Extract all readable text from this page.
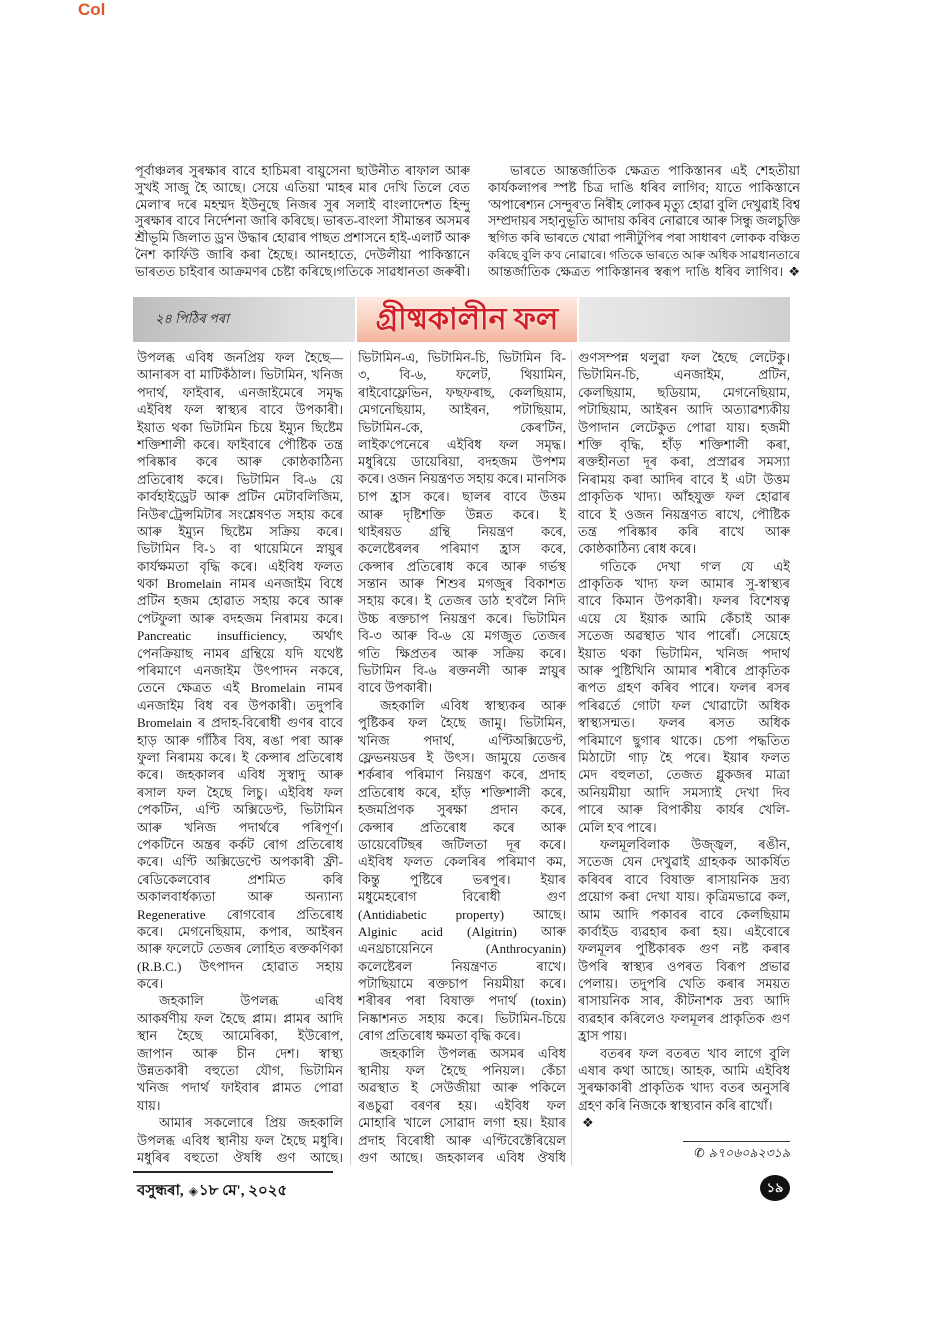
Col
পূৰ্বাঞ্চলৰ সুৰক্ষাৰ বাবে হাচিমৰা বায়ুসেনা ছাউনীত ৰাফাল আৰু
সুখই সাজু হৈ আছে। সেয়ে এতিয়া 'মাহৰ মাৰ দেখি তিলে বেত
মেলা'ৰ দৰে মহম্মদ ইউনুছে নিজৰ সুৰ সলাই বাংলাদেশত হিন্দু
সুৰক্ষাৰ বাবে নিৰ্দেশনা জাৰি কৰিছে। ভাৰত-বাংলা সীমান্তৰ অসমৰ
শ্ৰীভূমি জিলাত ড্ৰ'ন উদ্ধাৰ হোৱাৰ পাছত প্ৰশাসনে হাই-এলাৰ্ট আৰু
নৈশ কাৰ্ফিউ জাৰি কৰা হৈছে। আনহাতে, দেউলীয়া পাকিস্তানে
ভাৰতত চাইবাৰ আক্ৰমণৰ চেষ্টা কৰিছে।গতিকে সাৱধানতা জৰুৰী।
ভাৰতে আন্তৰ্জাতিক ক্ষেত্ৰত পাকিস্তানৰ এই শেহতীয়া
কাৰ্যকলাপৰ স্পষ্ট চিত্ৰ দাঙি ধৰিব লাগিব; যাতে পাকিস্তানে
'অপাৰেশ্যন সেন্দুৰ'ত নিৰীহ লোকৰ মৃত্যু হোৱা বুলি দেখুৱাই বিশ্ব
সম্প্ৰদায়ৰ সহানুভূতি আদায় কৰিব নোৱাৰে আৰু সিন্ধু জলচুক্তি
স্থগিত কৰি ভাৰতে খোৱা পানীটুপিৰ পৰা সাধাৰণ লোকক বঞ্চিত
কৰিছে বুলি ক'ব নোৱাৰে। গতিকে ভাৰতে আৰু অধিক সাৱধানতাৰে
আন্তৰ্জাতিক ক্ষেত্ৰত পাকিস্তানৰ স্বৰূপ দাঙি ধৰিব লাগিব। ❖
২৪ পিঠিৰ পৰা	গ্ৰীষ্মকালীন ফল
উপলব্ধ এবিধ জনপ্ৰিয় ফল হৈছে—
আনাৰস বা মাটিকঁঠাল। ভিটামিন, খনিজ
পদাৰ্থ, ফাইবাৰ, এনজাইমেৰে সমৃদ্ধ
এইবিধ ফল স্বাস্থ্যৰ বাবে উপকাৰী।
ইয়াত থকা ভিটামিন চিয়ে ইম্যুন ছিষ্টেম
শক্তিশালী কৰে। ফাইবাৰে পৌষ্টিক তন্ত্ৰ
পৰিষ্কাৰ কৰে আৰু কোষ্ঠকাঠিন্য
প্ৰতিৰোধ কৰে। ভিটামিন বি-৬ য়ে
কাৰ্বহাইড্ৰেট আৰু প্ৰটিন মেটাবলিজিম,
নিউৰ'ট্ৰেন্সমিটাৰ সংশ্লেষণত সহায় কৰে
আৰু ইম্যুন ছিষ্টেম সক্ৰিয় কৰে।
ভিটামিন বি-১ বা থায়েমিনে স্নায়ুৰ
কাৰ্যক্ষমতা বৃদ্ধি কৰে। এইবিধ ফলত
থকা Bromelain নামৰ এনজাইম বিধে
প্ৰটিন হজম হোৱাত সহায় কৰে আৰু
পেটফুলা আৰু বদহজম নিৰাময় কৰে।
Pancreatic insufficiency, অৰ্থাৎ
পেনক্ৰিয়াছ নামৰ গ্ৰন্থিয়ে যদি যথেষ্ট
পৰিমাণে এনজাইম উৎপাদন নকৰে,
তেনে ক্ষেত্ৰত এই Bromelain নামৰ
এনজাইম বিধ বৰ উপকাৰী। তদুপৰি
Bromelain ৰ প্ৰদাহ-বিৰোধী গুণৰ বাবে
হাড় আৰু গাঁঠিৰ বিষ, ৰঙা পৰা আৰু
ফুলা নিৰাময় কৰে। ই কেন্সাৰ প্ৰতিৰোধ
কৰে। জহকালৰ এবিধ সুস্বাদু আৰু
ৰসাল ফল হৈছে লিচু। এইবিধ ফল
পেকটিন, এণ্টি অক্সিডেণ্ট, ভিটামিন
আৰু খনিজ পদাৰ্থৰে পৰিপূৰ্ণ।
পেকটিনে অন্ত্ৰৰ কৰ্কট ৰোগ প্ৰতিৰোধ
কৰে। এণ্টি অক্সিডেণ্টে অপকাৰী ফ্ৰী-
ৰেডিকেলবোৰ প্ৰশমিত কৰি
অকালবাৰ্ধক্যতা আৰু অন্যান্য
Regenerative ৰোগবোৰ প্ৰতিৰোধ
কৰে। মেগনেছিয়াম, কপাৰ, আইৰন
আৰু ফলেটে তেজৰ লোহিত ৰক্তকণিকা
(R.B.C.) উৎপাদন হোৱাত সহায়
কৰে।
জহকালি উপলব্ধ এবিধ
আকৰ্ষণীয় ফল হৈছে প্লাম। প্লামৰ আদি
স্থান হৈছে আমেৰিকা, ইউৰোপ,
জাপান আৰু চীন দেশ। স্বাস্থ্য
উন্নতকাৰী বহুতো যৌগ, ভিটামিন
খনিজ পদাৰ্থ ফাইবাৰ প্লামত পোৱা
যায়।
আমাৰ সকলোৰে প্ৰিয় জহকালি
উপলব্ধ এবিধ স্থানীয় ফল হৈছে মধুৰি।
মধুৰিৰ বহুতো ঔষধি গুণ আছে।
ভিটামিন-এ, ভিটামিন-চি, ভিটামিন বি-
৩, বি-৬, ফলেট, থিয়ামিন,
ৰাইবোফ্লেভিন, ফছফৰাছ, কেলছিয়াম,
মেগনেছিয়াম, আইৰন, পটাছিয়াম,
ভিটামিন-কে, কেৰ'টিন,
লাইক'পেনেৰে এইবিধ ফল সমৃদ্ধ।
মধুৰিয়ে ডায়েৰিয়া, বদহজম উপশম
কৰে। ওজন নিয়ন্ত্ৰণত সহায় কৰে। মানসিক
চাপ হ্ৰাস কৰে। ছালৰ বাবে উত্তম
আৰু দৃষ্টিশক্তি উন্নত কৰে। ই
থাইৰয়ড গ্ৰন্থি নিয়ন্ত্ৰণ কৰে,
কলেষ্টেৰলৰ পৰিমাণ হ্ৰাস কৰে,
কেন্সাৰ প্ৰতিৰোধ কৰে আৰু গৰ্ভস্থ
সন্তান আৰু শিশুৰ মগজুৰ বিকাশত
সহায় কৰে। ই তেজৰ ডাঠ হ'বলৈ নিদি
উচ্চ ৰক্তচাপ নিয়ন্ত্ৰণ কৰে। ভিটামিন
বি-৩ আৰু বি-৬ য়ে মগজুত তেজৰ
গতি ক্ষিপ্ৰতৰ আৰু সক্ৰিয় কৰে।
ভিটামিন বি-৬ ৰক্তনলী আৰু স্নায়ুৰ
বাবে উপকাৰী।
জহকালি এবিধ স্বাস্থ্যকৰ আৰু
পুষ্টিকৰ ফল হৈছে জামু। ভিটামিন,
খনিজ পদাৰ্থ, এণ্টিঅক্সিডেণ্ট,
ফ্লেভনয়ডৰ ই উৎস। জামুয়ে তেজৰ
শৰ্কৰাৰ পৰিমাণ নিয়ন্ত্ৰণ কৰে, প্ৰদাহ
প্ৰতিৰোধ কৰে, হাঁড় শক্তিশালী কৰে,
হজমপ্ৰিণক সুৰক্ষা প্ৰদান কৰে,
কেন্সাৰ প্ৰতিৰোধ কৰে আৰু
ডায়েবেটিছৰ জটিলতা দূৰ কৰে।
এইবিধ ফলত কেলৰিৰ পৰিমাণ কম,
কিন্তু পুষ্টিৰে ভৰপুৰ। ইয়াৰ
মধুমেহৰোগ বিৰোধী গুণ
(Antidiabetic property) আছে।
Alginic acid (Algitrin) আৰু
এনথ্ৰচায়েনিনে (Anthrocyanin)
কলেষ্টেৰল নিয়ন্ত্ৰণত ৰাখে।
পটাছিয়ামে ৰক্তচাপ নিয়মীয়া কৰে।
শৰীৰৰ পৰা বিষাক্ত পদাৰ্থ (toxin)
নিষ্কাশনত সহায় কৰে। ভিটামিন-চিয়ে
ৰোগ প্ৰতিৰোধ ক্ষমতা বৃদ্ধি কৰে।
জহকালি উপলব্ধ অসমৰ এবিধ
স্থানীয় ফল হৈছে পনিয়ল। কেঁচা
অৱস্থাত ই সেউজীয়া আৰু পকিলে
ৰঙচুৱা বৰণৰ হয়। এইবিধ ফল
মোহাৰি খালে সোৱাদ লগা হয়। ইয়াৰ
প্ৰদাহ বিৰোধী আৰু এণ্টিবেক্টেৰিয়েল
গুণ আছে। জহকালৰ এবিধ ঔষধি
গুণসম্পন্ন থলুৱা ফল হৈছে লেটেকু।
ভিটামিন-চি, এনজাইম, প্ৰটিন,
কেলছিয়াম, ছডিয়াম, মেগনেছিয়াম,
পটাছিয়াম, আইৰন আদি অত্যাৱশ্যকীয়
উপাদান লেটেকুত পোৱা যায়। হজমী
শক্তি বৃদ্ধি, হাঁড় শক্তিশালী কৰা,
ৰক্তহীনতা দূৰ কৰা, প্ৰস্ৰাৱৰ সমস্যা
নিৰাময় কৰা আদিৰ বাবে ই এটা উত্তম
প্ৰাকৃতিক খাদ্য। আঁহযুক্ত ফল হোৱাৰ
বাবে ই ওজন নিয়ন্ত্ৰণত ৰাখে, পৌষ্টিক
তন্ত্ৰ পৰিষ্কাৰ কৰি ৰাখে আৰু
কোষ্ঠকাঠিন্য ৰোধ কৰে।
গতিকে দেখা গ'ল যে এই
প্ৰাকৃতিক খাদ্য ফল আমাৰ সু-স্বাস্থ্যৰ
বাবে কিমান উপকাৰী। ফলৰ বিশেষত্ব
এয়ে যে ইয়াক আমি কেঁচাই আৰু
সতেজ অৱস্থাত খাব পাৰোঁ। সেয়েহে
ইয়াত থকা ভিটামিন, খনিজ পদাৰ্থ
আৰু পুষ্টিখিনি আমাৰ শৰীৰে প্ৰাকৃতিক
ৰূপত গ্ৰহণ কৰিব পাৰে। ফলৰ ৰসৰ
পৰিৱৰ্তে গোটা ফল খোৱাটো অধিক
স্বাস্থ্যসন্মত। ফলৰ ৰসত অধিক
পৰিমাণে ছুগাৰ থাকে। চেপা পদ্ধতিত
মিঠাটো গাঢ় হৈ পৰে। ইয়াৰ ফলত
মেদ বহুলতা, তেজত গ্লুকজৰ মাত্ৰা
অনিয়মীয়া আদি সমস্যাই দেখা দিব
পাৰে আৰু বিপাকীয় কাৰ্যৰ খেলি-
মেলি হ'ব পাৰে।
ফলমূলবিলাক উজ্জ্বল, ৰঙীন,
সতেজ যেন দেখুৱাই গ্ৰাহকক আকৰ্ষিত
কৰিবৰ বাবে বিষাক্ত ৰাসায়নিক দ্ৰব্য
প্ৰয়োগ কৰা দেখা যায়। কৃত্ৰিমভাৱে কল,
আম আদি পকাবৰ বাবে কেলছিয়াম
কাৰ্বাইড ব্যৱহাৰ কৰা হয়। এইবোৰে
ফলমূলৰ পুষ্টিকাৰক গুণ নষ্ট কৰাৰ
উপৰি স্বাস্থ্যৰ ওপৰত বিৰূপ প্ৰভাৱ
পেলায়। তদুপৰি খেতি কৰাৰ সময়ত
ৰাসায়নিক সাৰ, কীটনাশক দ্ৰব্য আদি
ব্যৱহাৰ কৰিলেও ফলমূলৰ প্ৰাকৃতিক গুণ
হ্ৰাস পায়।
বতৰৰ ফল বতৰত খাব লাগে বুলি
এষাৰ কথা আছে। আহক, আমি এইবিধ
সুৰক্ষাকাৰী প্ৰাকৃতিক খাদ্য বতৰ অনুসৰি
গ্ৰহণ কৰি নিজকে স্বাস্থ্যবান কৰি ৰাখোঁ।
❖
✆ ৯৭০৬০৯২৩১৯
বসুন্ধৰা,◈ ১৮ মে', ২০২৫	১৯
